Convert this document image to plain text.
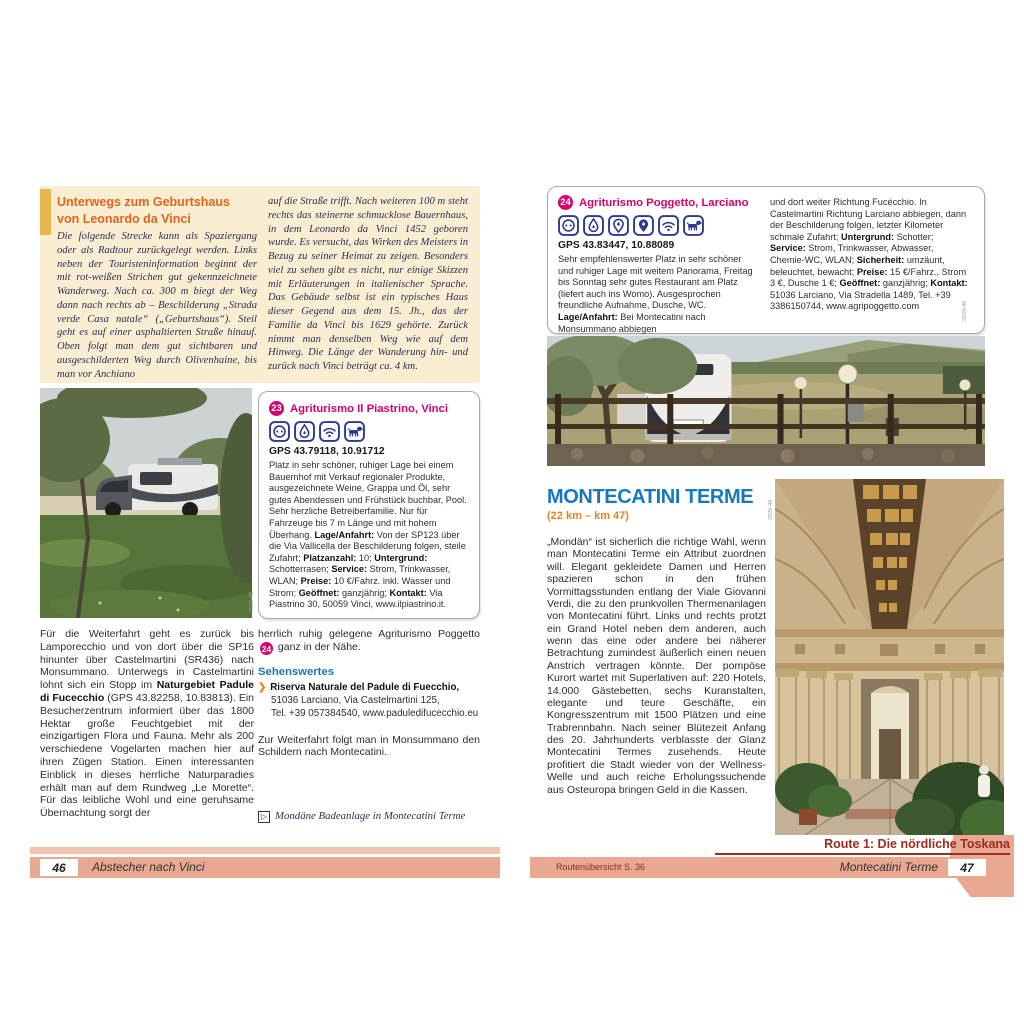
Unterwegs zum Geburtshaus
von Leonardo da Vinci
Die folgende Strecke kann als Spaziergang oder als Radtour zurückgelegt werden. Links neben der Touristeninformation beginnt der mit rot-weißen Strichen gut gekennzeichnete Wanderweg. Nach ca. 300 m biegt der Weg dann nach rechts ab – Beschilderung „Strada verde Casa natale“ („Geburtshaus“). Steil geht es auf einer asphaltierten Straße hinauf. Oben folgt man dem gut sichtbaren und ausgeschilderten Weg durch Olivenhaine, bis man vor Anchiano
auf die Straße trifft. Nach weiteren 100 m steht rechts das steinerne schmucklose Bauernhaus, in dem Leonardo da Vinci 1452 geboren wurde. Es versucht, das Wirken des Meisters in Bezug zu seiner Heimat zu zeigen. Besonders viel zu sehen gibt es nicht, nur einige Skizzen mit Erläuterungen in italienischer Sprache. Das Gebäude selbst ist ein typisches Haus dieser Gegend aus dem 15. Jh., das der Familie da Vinci bis 1629 gehörte. Zurück nimmt man denselben Weg wie auf dem Hinweg. Die Länge der Wanderung hin- und zurück nach Vinci beträgt ca. 4 km.
23 Agriturismo Il Piastrino, Vinci
GPS 43.79118, 10.91712
Platz in sehr schöner, ruhiger Lage bei einem Bauernhof mit Verkauf regionaler Produkte, ausgezeichnete Weine, Grappa und Öl, sehr gutes Abendessen und Frühstück buchbar, Pool. Sehr herzliche Betreiberfamilie. Nur für Fahrzeuge bis 7 m Länge und mit hohem Überhang. Lage/Anfahrt: Von der SP123 über die Via Vallicella der Beschilderung folgen, steile Zufahrt; Platzanzahl: 10; Untergrund: Schotterrasen; Service: Strom, Trinkwasser, WLAN; Preise: 10 €/Fahrz. inkl. Wasser und Strom; Geöffnet: ganzjährig; Kontakt: Via Piastrino 30, 50059 Vinci, www.ilpiastrino.it.
2929-48
Für die Weiterfahrt geht es zurück bis Lamporecchio und von dort über die SP16 hinunter über Castelmartini (SR436) nach Monsummano. Unterwegs in Castelmartini lohnt sich ein Stopp im Naturgebiet Padule di Fucecchio (GPS 43.82258, 10.83813). Ein Besucherzentrum informiert über das 1800 Hektar große Feuchtgebiet mit der einzigartigen Flora und Fauna. Mehr als 200 verschiedene Vogelarten machen hier auf ihren Zügen Station. Einen interessanten Einblick in dieses herrliche Naturparadies erhält man auf dem Rundweg „Le Morette“. Für das leibliche Wohl und eine geruhsame Übernachtung sorgt der
herrlich ruhig gelegene Agriturismo Poggetto24 ganz in der Nähe.
Sehenswertes
❯ Riserva Naturale del Padule di Fuecchio,
51036 Larciano, Via Castelmartini 125,
Tel. +39 057384540, www.paduledifucecchio.eu
Zur Weiterfahrt folgt man in Monsummano den Schildern nach Montecatini.
▷ Mondäne Badeanlage in Montecatini Terme
46	Abstecher nach Vinci
24 Agriturismo Poggetto, Larciano
GPS 43.83447, 10.88089
Sehr empfehlenswerter Platz in sehr schöner und ruhiger Lage mit weitem Panorama, Freitag bis Sonntag sehr gutes Restaurant am Platz (liefert auch ins Womo). Ausgesprochen freundliche Aufnahme, Dusche, WC. Lage/Anfahrt: Bei Montecatini nach Monsummano abbiegen
und dort weiter Richtung Fucécchio. In Castelmartini Richtung Larciano abbiegen, dann der Beschilderung folgen, letzter Kilometer schmale Zufahrt; Untergrund: Schotter; Service: Strom, Trinkwasser, Abwasser, Chemie-WC, WLAN; Sicherheit: umzäunt, beleuchtet, bewacht; Preise: 15 €/Fahrz., Strom 3 €, Dusche 1 €; Geöffnet: ganzjährig; Kontakt: 51036 Larciano, Via Stradella 1489, Tel. +39 3386150744, www.agripoggetto.com	2929-48
MONTECATINI TERME
(22 km – km 47)
„Mondän“ ist sicherlich die richtige Wahl, wenn man Montecatini Terme ein Attribut zuordnen will. Elegant gekleidete Damen und Herren spazieren schon in den frühen Vormittagsstunden entlang der Viale Giovanni Verdi, die zu den prunkvollen Thermenanlagen von Montecatini führt. Links und rechts protzt ein Grand Hotel neben dem anderen, auch wenn das eine oder andere bei näherer Betrachtung zumindest äußerlich einen neuen Anstrich vertragen könnte. Der pompöse Kurort wartet mit Superlativen auf: 220 Hotels, 14.000 Gästebetten, sechs Kuranstalten, elegante und teure Geschäfte, ein Kongresszentrum mit 1500 Plätzen und eine Trabrennbahn. Nach seiner Blütezeit Anfang des 20. Jahrhunderts verblasste der Glanz Montecatini Termes zusehends. Heute profitiert die Stadt wieder von der Wellness-Welle und auch reiche Erholungssuchende aus Osteuropa bringen Geld in die Kassen.
2929-48
Route 1: Die nördliche Toskana
Routenübersicht S. 36	Montecatini Terme	47
